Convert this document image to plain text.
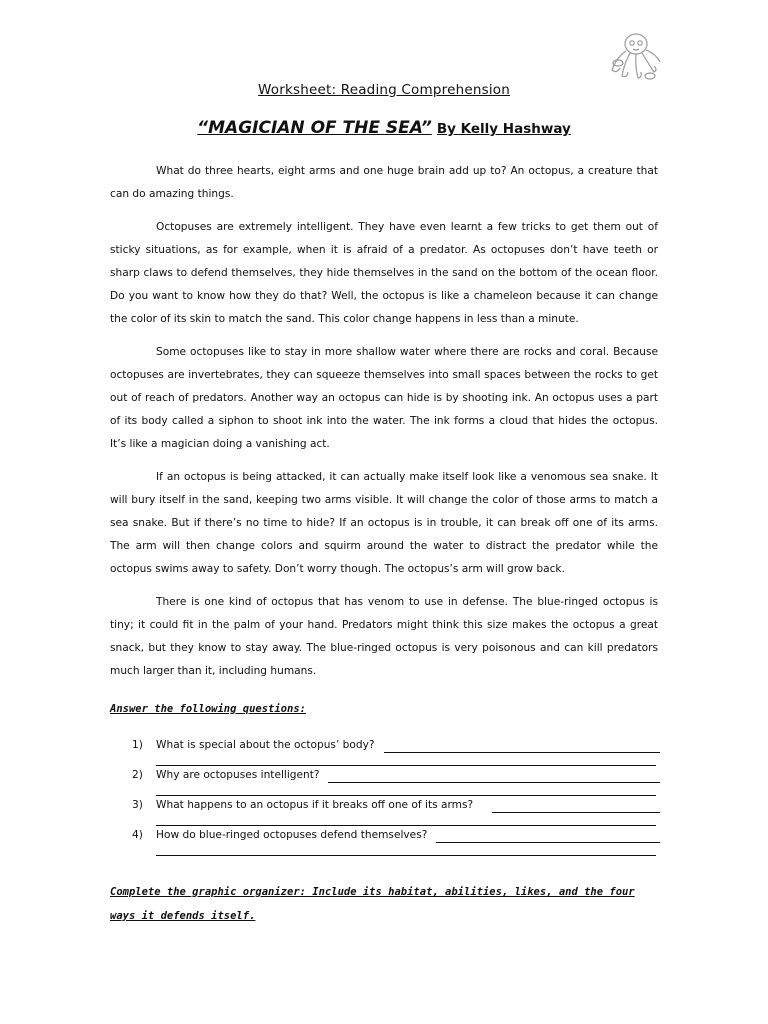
Worksheet: Reading Comprehension
“MAGICIAN OF THE SEA” By Kelly Hashway

What do three hearts, eight arms and one huge brain add up to? An octopus, a creature that can do amazing things.

Octopuses are extremely intelligent. They have even learnt a few tricks to get them out of sticky situations, as for example, when it is afraid of a predator. As octopuses don’t have teeth or sharp claws to defend themselves, they hide themselves in the sand on the bottom of the ocean floor. Do you want to know how they do that? Well, the octopus is like a chameleon because it can change the color of its skin to match the sand. This color change happens in less than a minute.

Some octopuses like to stay in more shallow water where there are rocks and coral. Because octopuses are invertebrates, they can squeeze themselves into small spaces between the rocks to get out of reach of predators. Another way an octopus can hide is by shooting ink. An octopus uses a part of its body called a siphon to shoot ink into the water. The ink forms a cloud that hides the octopus. It’s like a magician doing a vanishing act.

If an octopus is being attacked, it can actually make itself look like a venomous sea snake. It will bury itself in the sand, keeping two arms visible. It will change the color of those arms to match a sea snake. But if there’s no time to hide? If an octopus is in trouble, it can break off one of its arms. The arm will then change colors and squirm around the water to distract the predator while the octopus swims away to safety. Don’t worry though. The octopus’s arm will grow back.

There is one kind of octopus that has venom to use in defense. The blue-ringed octopus is tiny; it could fit in the palm of your hand. Predators might think this size makes the octopus a great snack, but they know to stay away. The blue-ringed octopus is very poisonous and can kill predators much larger than it, including humans.

Answer the following questions:
1) What is special about the octopus’ body?
2) Why are octopuses intelligent?
3) What happens to an octopus if it breaks off one of its arms?
4) How do blue-ringed octopuses defend themselves?
Complete the graphic organizer: Include its habitat, abilities, likes, and the four ways it defends itself.
